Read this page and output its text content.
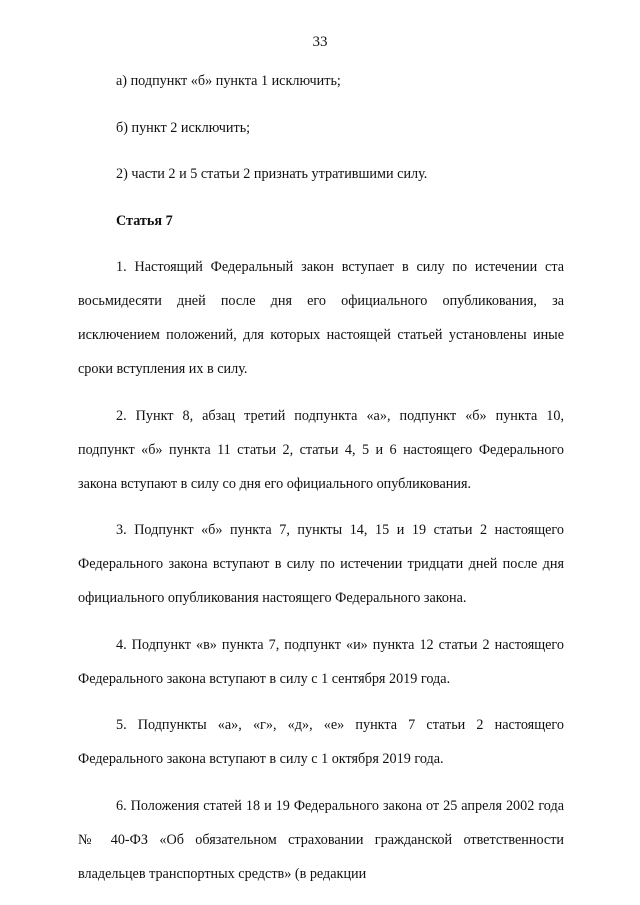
33

а) подпункт «б» пункта 1 исключить;

б) пункт 2 исключить;

2) части 2 и 5 статьи 2 признать утратившими силу.

Статья 7

1. Настоящий Федеральный закон вступает в силу по истечении ста восьмидесяти дней после дня его официального опубликования, за исключением положений, для которых настоящей статьей установлены иные сроки вступления их в силу.

2. Пункт 8, абзац третий подпункта «а», подпункт «б» пункта 10, подпункт «б» пункта 11 статьи 2, статьи 4, 5 и 6 настоящего Федерального закона вступают в силу со дня его официального опубликования.

3. Подпункт «б» пункта 7, пункты 14, 15 и 19 статьи 2 настоящего Федерального закона вступают в силу по истечении тридцати дней после дня официального опубликования настоящего Федерального закона.

4. Подпункт «в» пункта 7, подпункт «и» пункта 12 статьи 2 настоящего Федерального закона вступают в силу с 1 сентября 2019 года.

5. Подпункты «а», «г», «д», «е» пункта 7 статьи 2 настоящего Федерального закона вступают в силу с 1 октября 2019 года.

6. Положения статей 18 и 19 Федерального закона от 25 апреля 2002 года № 40-ФЗ «Об обязательном страховании гражданской ответственности владельцев транспортных средств» (в редакции
